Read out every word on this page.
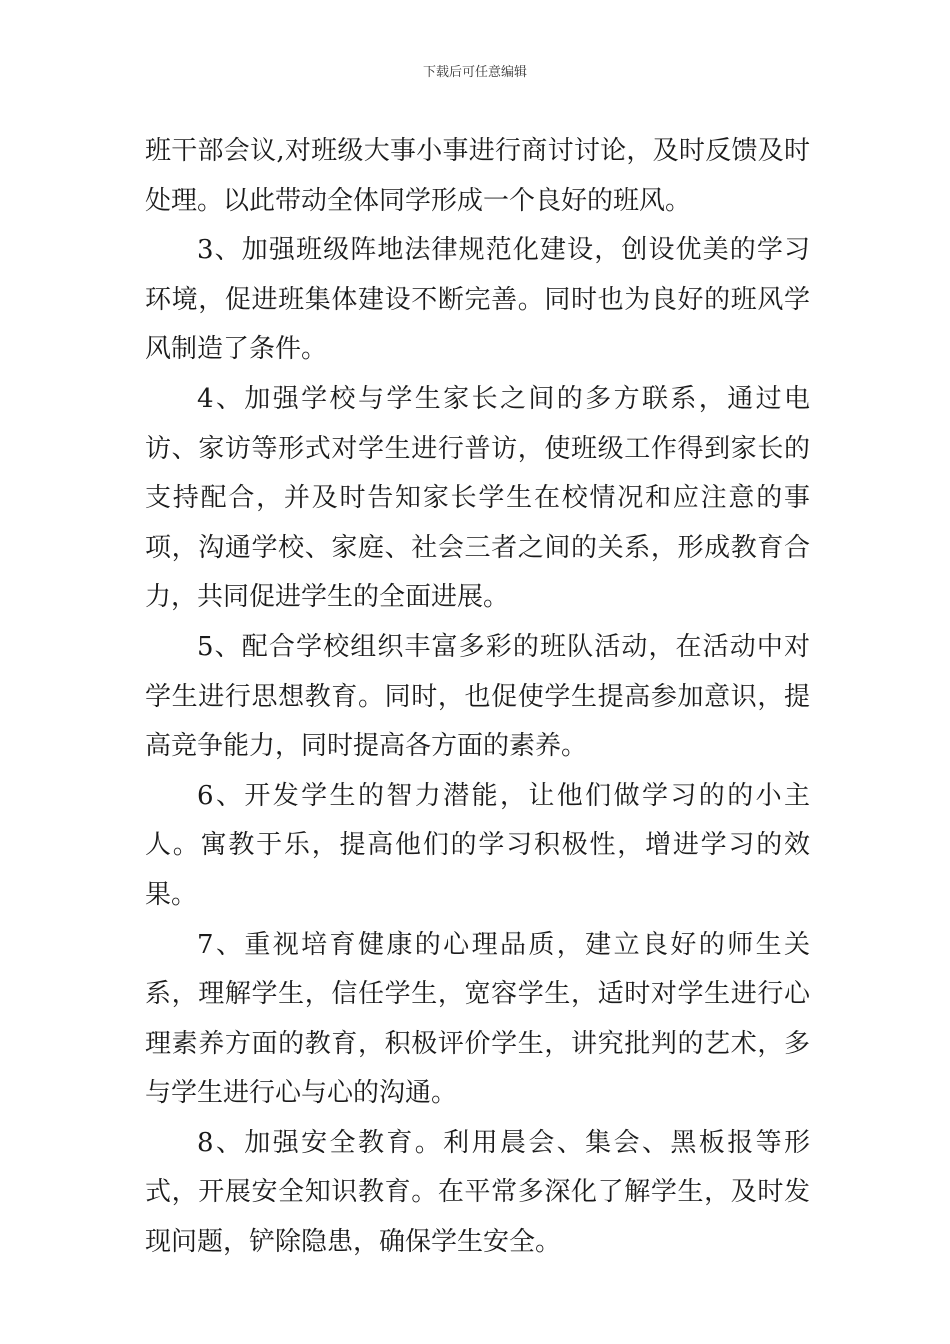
下载后可任意编辑

班干部会议,对班级大事小事进行商讨讨论，及时反馈及时处理。以此带动全体同学形成一个良好的班风。

3、加强班级阵地法律规范化建设，创设优美的学习环境，促进班集体建设不断完善。同时也为良好的班风学风制造了条件。

4、加强学校与学生家长之间的多方联系，通过电访、家访等形式对学生进行普访，使班级工作得到家长的支持配合，并及时告知家长学生在校情况和应注意的事项，沟通学校、家庭、社会三者之间的关系，形成教育合力，共同促进学生的全面进展。

5、配合学校组织丰富多彩的班队活动，在活动中对学生进行思想教育。同时，也促使学生提高参加意识，提高竞争能力，同时提高各方面的素养。

6、开发学生的智力潜能，让他们做学习的的小主人。寓教于乐，提高他们的学习积极性，增进学习的效果。

7、重视培育健康的心理品质，建立良好的师生关系，理解学生，信任学生，宽容学生，适时对学生进行心理素养方面的教育，积极评价学生，讲究批判的艺术，多与学生进行心与心的沟通。

8、加强安全教育。利用晨会、集会、黑板报等形式，开展安全知识教育。在平常多深化了解学生，及时发现问题，铲除隐患，确保学生安全。
